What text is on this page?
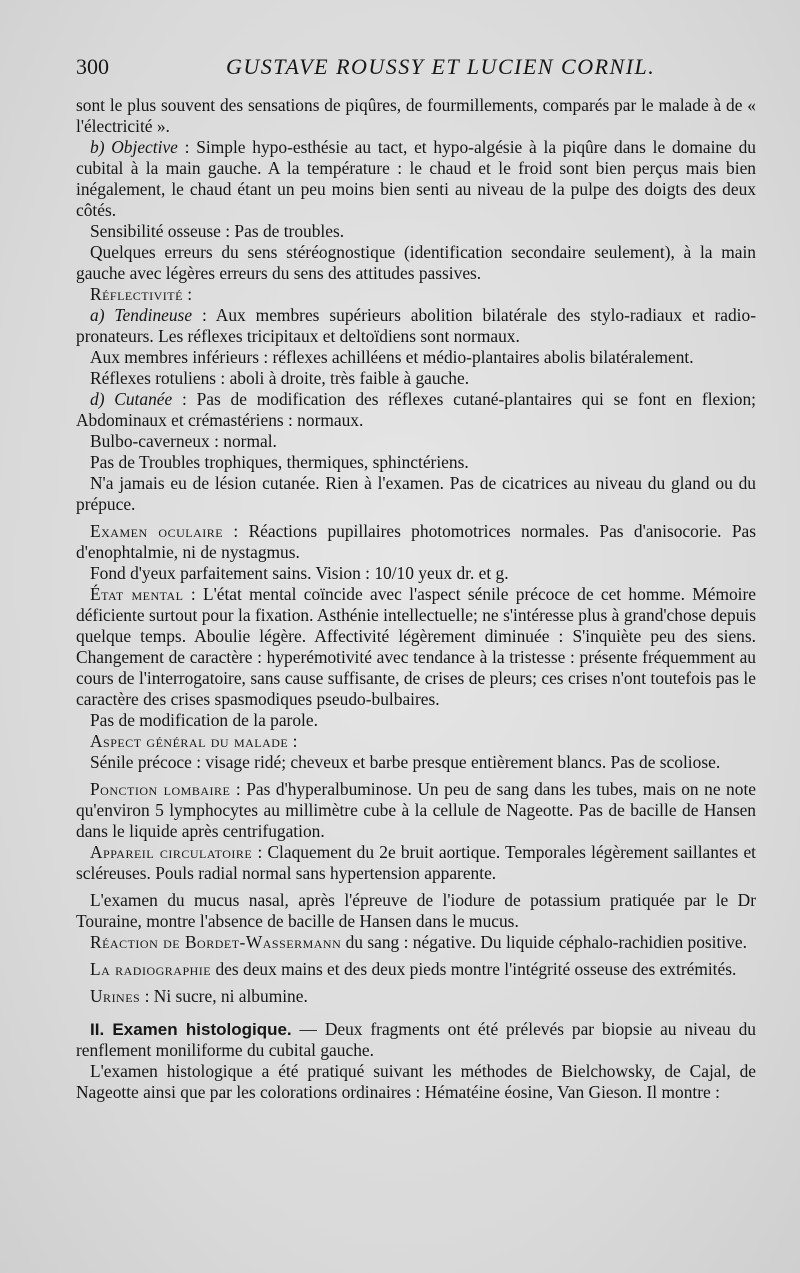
300	GUSTAVE ROUSSY ET LUCIEN CORNIL.

sont le plus souvent des sensations de piqûres, de fourmillements, comparés par le malade à de « l'électricité ».

b) Objective : Simple hypo-esthésie au tact, et hypo-algésie à la piqûre dans le domaine du cubital à la main gauche. A la température : le chaud et le froid sont bien perçus mais bien inégalement, le chaud étant un peu moins bien senti au niveau de la pulpe des doigts des deux côtés.

Sensibilité osseuse : Pas de troubles.

Quelques erreurs du sens stéréognostique (identification secondaire seulement), à la main gauche avec légères erreurs du sens des attitudes passives.

Réflectivité :

a) Tendineuse : Aux membres supérieurs abolition bilatérale des stylo-radiaux et radio-pronateurs. Les réflexes tricipitaux et deltoïdiens sont normaux.

Aux membres inférieurs : réflexes achilléens et médio-plantaires abolis bilatéralement.

Réflexes rotuliens : aboli à droite, très faible à gauche.

d) Cutanée : Pas de modification des réflexes cutané-plantaires qui se font en flexion; Abdominaux et crémastériens : normaux.

Bulbo-caverneux : normal.

Pas de Troubles trophiques, thermiques, sphinctériens.

N'a jamais eu de lésion cutanée. Rien à l'examen. Pas de cicatrices au niveau du gland ou du prépuce.

Examen oculaire : Réactions pupillaires photomotrices normales. Pas d'anisocorie. Pas d'enophtalmie, ni de nystagmus.

Fond d'yeux parfaitement sains. Vision : 10/10 yeux dr. et g.

État mental : L'état mental coïncide avec l'aspect sénile précoce de cet homme. Mémoire déficiente surtout pour la fixation. Asthénie intellectuelle; ne s'intéresse plus à grand'chose depuis quelque temps. Aboulie légère. Affectivité légèrement diminuée : S'inquiète peu des siens. Changement de caractère : hyperémotivité avec tendance à la tristesse : présente fréquemment au cours de l'interrogatoire, sans cause suffisante, de crises de pleurs; ces crises n'ont toutefois pas le caractère des crises spasmodiques pseudo-bulbaires.

Pas de modification de la parole.

Aspect général du malade :

Sénile précoce : visage ridé; cheveux et barbe presque entièrement blancs. Pas de scoliose.

Ponction lombaire : Pas d'hyperalbuminose. Un peu de sang dans les tubes, mais on ne note qu'environ 5 lymphocytes au millimètre cube à la cellule de Nageotte. Pas de bacille de Hansen dans le liquide après centrifugation.

Appareil circulatoire : Claquement du 2e bruit aortique. Temporales légèrement saillantes et scléreuses. Pouls radial normal sans hypertension apparente.

L'examen du mucus nasal, après l'épreuve de l'iodure de potassium pratiquée par le Dr Touraine, montre l'absence de bacille de Hansen dans le mucus.

Réaction de Bordet-Wassermann du sang : négative. Du liquide céphalo-rachidien positive.

La radiographie des deux mains et des deux pieds montre l'intégrité osseuse des extrémités.

Urines : Ni sucre, ni albumine.

II. Examen histologique. — Deux fragments ont été prélevés par biopsie au niveau du renflement moniliforme du cubital gauche.

L'examen histologique a été pratiqué suivant les méthodes de Bielchowsky, de Cajal, de Nageotte ainsi que par les colorations ordinaires : Hématéine éosine, Van Gieson. Il montre :
